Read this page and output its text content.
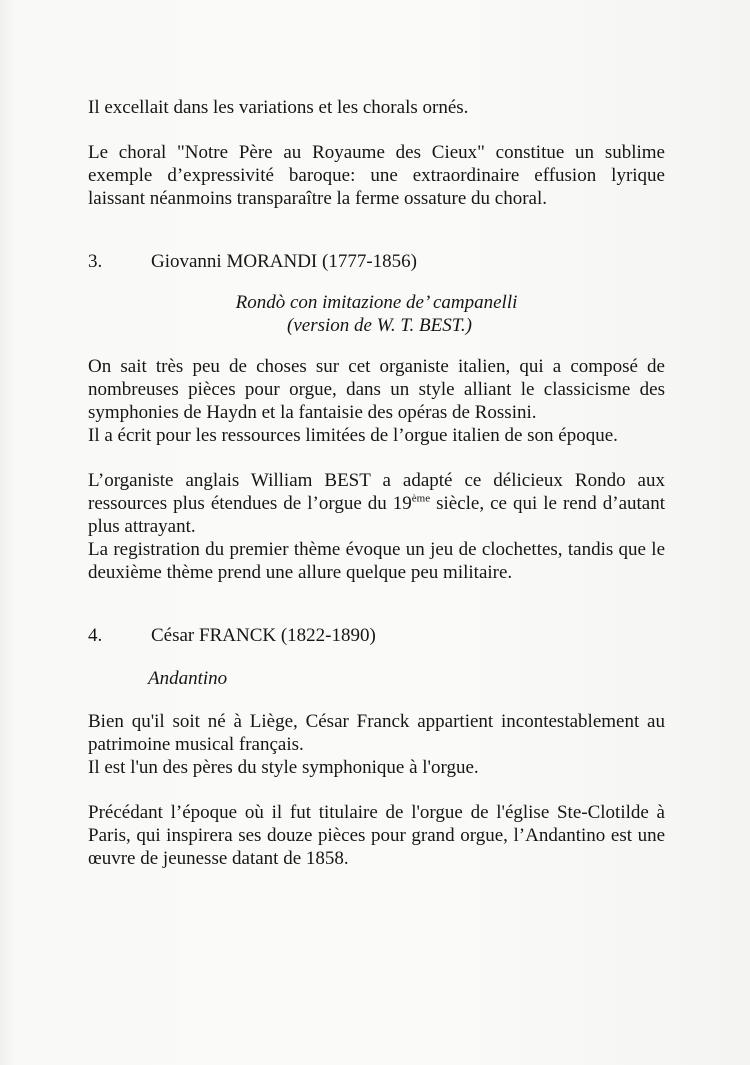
Il excellait dans les variations et les chorals ornés.

Le choral "Notre Père au Royaume des Cieux" constitue un sublime exemple d’expressivité baroque: une extraordinaire effusion lyrique laissant néanmoins transparaître la ferme ossature du choral.

3.	Giovanni MORANDI (1777-1856)
Rondò con imitazione de’ campanelli
(version de W. T. BEST.)

On sait très peu de choses sur cet organiste italien, qui a composé de nombreuses pièces pour orgue, dans un style alliant le classicisme des symphonies de Haydn et la fantaisie des opéras de Rossini.

Il a écrit pour les ressources limitées de l’orgue italien de son époque.

L’organiste anglais William BEST a adapté ce délicieux Rondo aux ressources plus étendues de l’orgue du 19ème siècle, ce qui le rend d’autant plus attrayant.

La registration du premier thème évoque un jeu de clochettes, tandis que le deuxième thème prend une allure quelque peu militaire.

4.	César FRANCK (1822-1890)

Andantino

Bien qu'il soit né à Liège, César Franck appartient incontestablement au patrimoine musical français.

Il est l'un des pères du style symphonique à l'orgue.

Précédant l’époque où il fut titulaire de l'orgue de l'église Ste-Clotilde à Paris, qui inspirera ses douze pièces pour grand orgue, l’Andantino est une œuvre de jeunesse datant de 1858.
